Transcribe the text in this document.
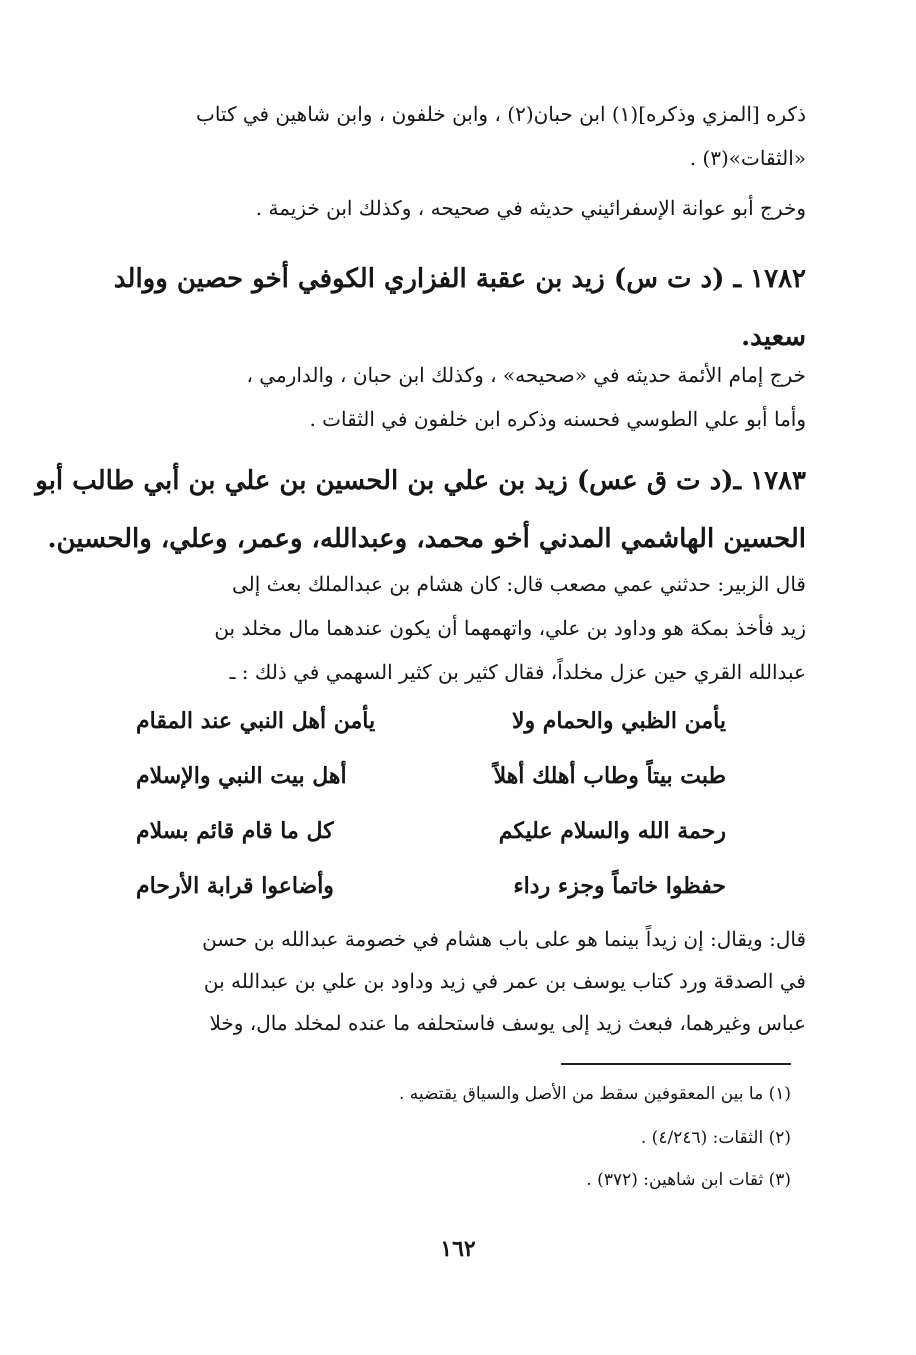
ذكره [المزي وذكره](١) ابن حبان(٢) ، وابن خلفون ، وابن شاهين في كتاب
«الثقات»(٣) .
وخرج أبو عوانة الإسفرائيني حديثه في صحيحه ، وكذلك ابن خزيمة .
١٧٨٢ ـ (د ت س) زيد بن عقبة الفزاري الكوفي أخو حصين ووالد
سعيد.
خرج إمام الأئمة حديثه في «صحيحه» ، وكذلك ابن حبان ، والدارمي ،
وأما أبو علي الطوسي فحسنه وذكره ابن خلفون في الثقات .
١٧٨٣ ـ(د ت ق عس) زيد بن علي بن الحسين بن علي بن أبي طالب أبو
الحسين الهاشمي المدني أخو محمد، وعبدالله، وعمر، وعلي، والحسين.
قال الزبير: حدثني عمي مصعب قال: كان هشام بن عبدالملك بعث إلى
زيد فأخذ بمكة هو وداود بن علي، واتهمهما أن يكون عندهما مال مخلد بن
عبدالله القري حين عزل مخلداً، فقال كثير بن كثير السهمي في ذلك : ـ
يأمن الظبي والحمام ولا
يأمن أهل النبي عند المقام
طبت بيتاً وطاب أهلك أهلاً
أهل بيت النبي والإسلام
رحمة الله والسلام عليكم
كل ما قام قائم بسلام
حفظوا خاتماً وجزء رداء
وأضاعوا قرابة الأرحام
قال: ويقال: إن زيداً بينما هو على باب هشام في خصومة عبدالله بن حسن
في الصدقة ورد كتاب يوسف بن عمر في زيد وداود بن علي بن عبدالله بن
عباس وغيرهما، فبعث زيد إلى يوسف فاستحلفه ما عنده لمخلد مال، وخلا
(١) ما بين المعقوفين سقط من الأصل والسياق يقتضيه .
(٢) الثقات: (٤/٢٤٦) .
(٣) ثقات ابن شاهين: (٣٧٢) .
١٦٢
